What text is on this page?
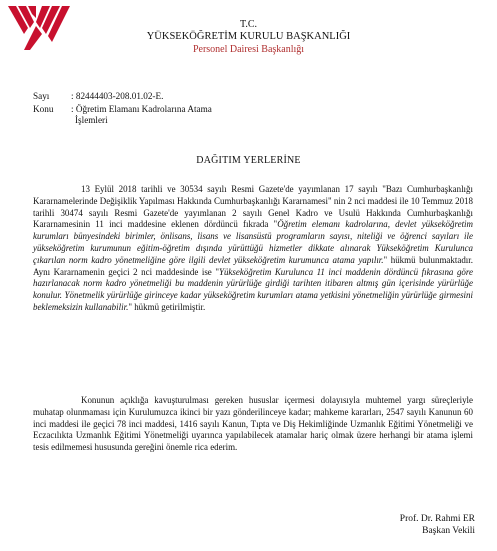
T.C.
YÜKSEKÖĞRETİM KURULU BAŞKANLIĞI
Personel Dairesi Başkanlığı
Sayı : 82444403-208.01.02-E.
Konu : Öğretim Elamanı Kadrolarına Atama
İşlemleri
DAĞITIM YERLERİNE

13 Eylül 2018 tarihli ve 30534 sayılı Resmi Gazete'de yayımlanan 17 sayılı "Bazı Cumhurbaşkanlığı Kararnamelerinde Değişiklik Yapılması Hakkında Cumhurbaşkanlığı Kararnamesi" nin 2 nci maddesi ile 10 Temmuz 2018 tarihli 30474 sayılı Resmi Gazete'de yayımlanan 2 sayılı Genel Kadro ve Usulü Hakkında Cumhurbaşkanlığı Kararnamesinin 11 inci maddesine eklenen dördüncü fıkrada "Öğretim elemanı kadrolarına, devlet yükseköğretim kurumları bünyesindeki birimler, önlisans, lisans ve lisansüstü programların sayısı, niteliği ve öğrenci sayıları ile yükseköğretim kurumunun eğitim-öğretim dışında yürüttüğü hizmetler dikkate alınarak Yükseköğretim Kurulunca çıkarılan norm kadro yönetmeliğine göre ilgili devlet yükseköğretim kurumunca atama yapılır." hükmü bulunmaktadır. Aynı Kararnamenin geçici 2 nci maddesinde ise "Yükseköğretim Kurulunca 11 inci maddenin dördüncü fıkrasına göre hazırlanacak norm kadro yönetmeliği bu maddenin yürürlüğe girdiği tarihten itibaren altmış gün içerisinde yürürlüğe konulur. Yönetmelik yürürlüğe girinceye kadar yükseköğretim kurumları atama yetkisini yönetmeliğin yürürlüğe girmesini beklemeksizin kullanabilir." hükmü getirilmiştir.

Konunun açıklığa kavuşturulması gereken hususlar içermesi dolayısıyla muhtemel yargı süreçleriyle muhatap olunmaması için Kurulumuzca ikinci bir yazı gönderilinceye kadar; mahkeme kararları, 2547 sayılı Kanunun 60 inci maddesi ile geçici 78 inci maddesi, 1416 sayılı Kanun, Tıpta ve Diş Hekimliğinde Uzmanlık Eğitimi Yönetmeliği ve Eczacılıkta Uzmanlık Eğitimi Yönetmeliği uyarınca yapılabilecek atamalar hariç olmak üzere herhangi bir atama işlemi tesis edilmemesi hususunda gereğini önemle rica ederim.

Prof. Dr. Rahmi ER
Başkan Vekili
